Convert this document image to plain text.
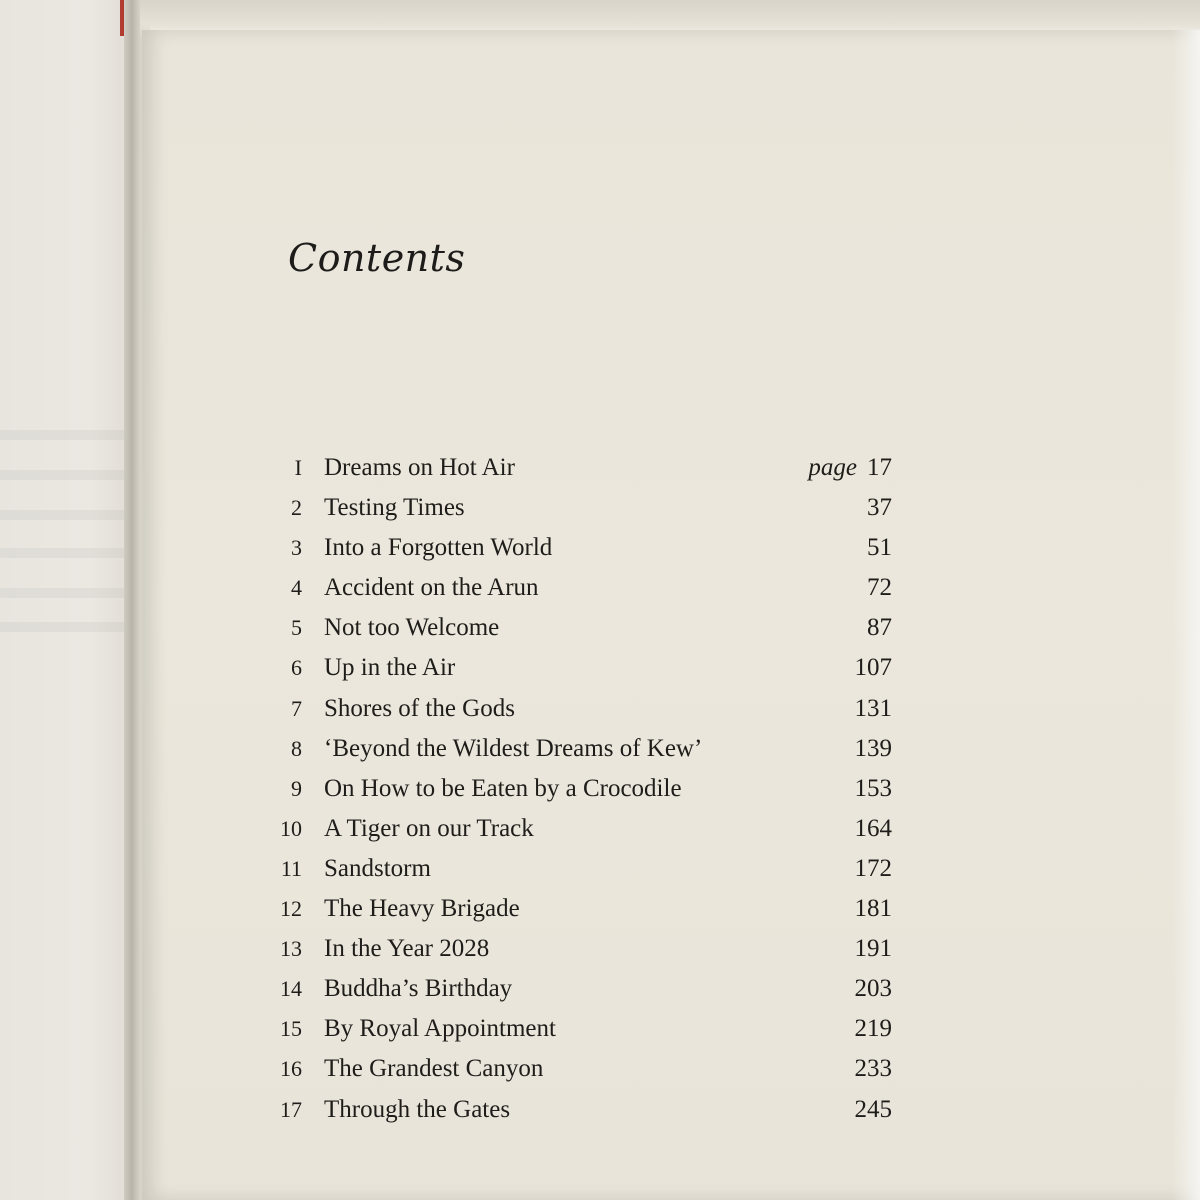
Contents
I Dreams on Hot Air	page 17
2 Testing Times	37
3 Into a Forgotten World	51
4 Accident on the Arun	72
5 Not too Welcome	87
6 Up in the Air	107
7 Shores of the Gods	131
8 ‘Beyond the Wildest Dreams of Kew’	139
9 On How to be Eaten by a Crocodile	153
10 A Tiger on our Track	164
11 Sandstorm	172
12 The Heavy Brigade	181
13 In the Year 2028	191
14 Buddha’s Birthday	203
15 By Royal Appointment	219
16 The Grandest Canyon	233
17 Through the Gates	245
